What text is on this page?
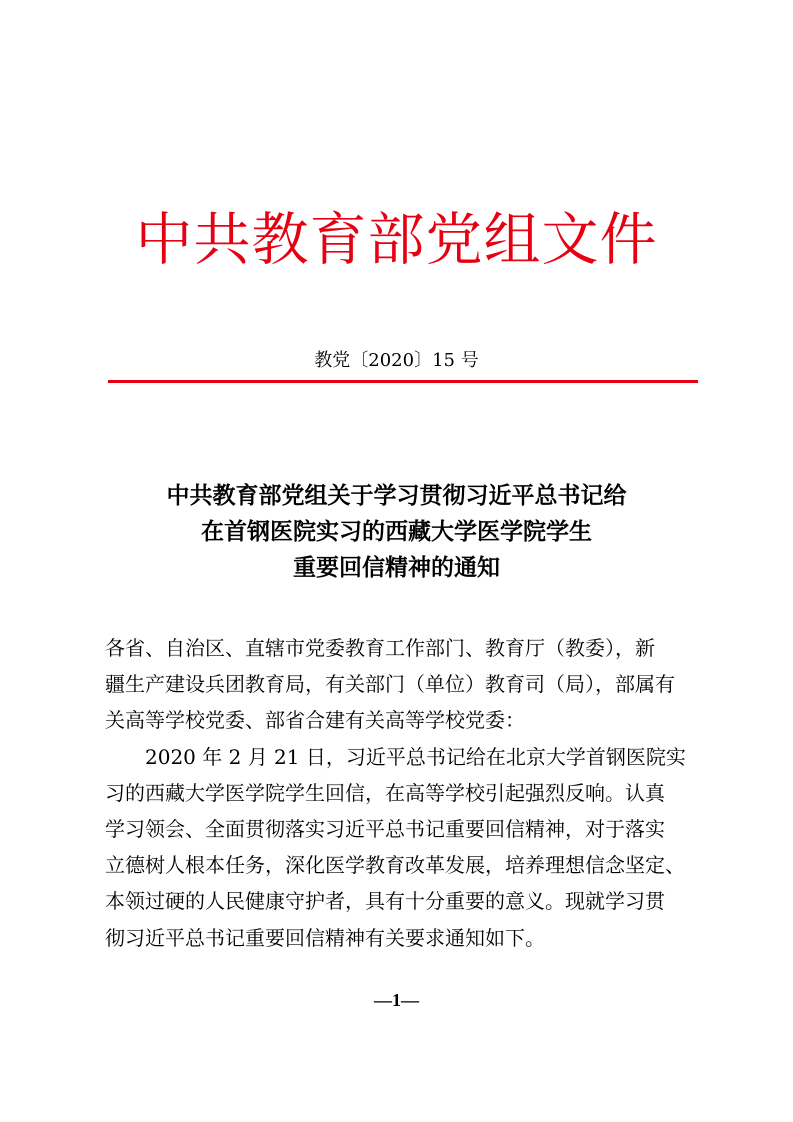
中共教育部党组文件
教党〔2020〕15 号
中共教育部党组关于学习贯彻习近平总书记给
在首钢医院实习的西藏大学医学院学生
重要回信精神的通知
各省、自治区、直辖市党委教育工作部门、教育厅（教委），新
疆生产建设兵团教育局，有关部门（单位）教育司（局），部属有
关高等学校党委、部省合建有关高等学校党委：
　　2020 年 2 月 21 日，习近平总书记给在北京大学首钢医院实
习的西藏大学医学院学生回信，在高等学校引起强烈反响。认真
学习领会、全面贯彻落实习近平总书记重要回信精神，对于落实
立德树人根本任务，深化医学教育改革发展，培养理想信念坚定、
本领过硬的人民健康守护者，具有十分重要的意义。现就学习贯
彻习近平总书记重要回信精神有关要求通知如下。
—1—
